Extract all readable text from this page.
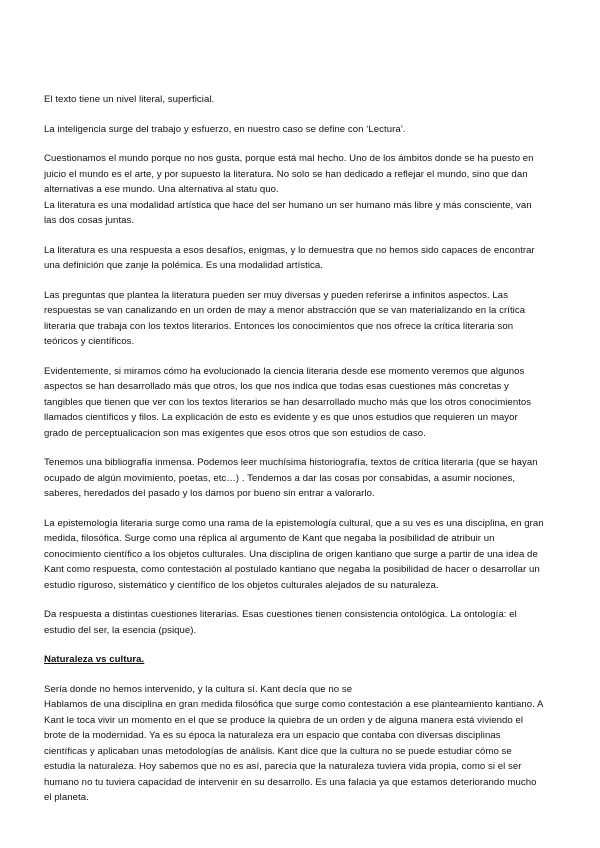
El texto tiene un nivel literal, superficial.

La inteligencia surge del trabajo y esfuerzo, en nuestro caso se define con ‘Lectura’.

Cuestionamos el mundo porque no nos gusta, porque está mal hecho. Uno de los ámbitos donde se ha puesto en juicio el mundo es el arte, y por supuesto la literatura. No solo se han dedicado a reflejar el mundo, sino que dan alternativas a ese mundo. Una alternativa al statu quo.

La literatura es una modalidad artística que hace del ser humano un ser humano más libre y más consciente, van las dos cosas juntas.

La literatura es una respuesta a esos desafíos, enigmas, y lo demuestra que no hemos sido capaces de encontrar una definición que zanje la polémica. Es una modalidad artística.

Las preguntas que plantea la literatura pueden ser muy diversas y pueden referirse a infinitos aspectos. Las respuestas se van canalizando en un orden de may a menor abstracción que se van materializando en la crítica literaria que trabaja con los textos literarios. Entonces los conocimientos que nos ofrece la crítica literaria son teóricos y científicos.

Evidentemente, si miramos cómo ha evolucionado la ciencia literaria desde ese momento veremos que algunos aspectos se han desarrollado más que otros, los que nos indica que todas esas cuestiones más concretas y tangibles que tienen que ver con los textos literarios se han desarrollado mucho más que los otros conocimientos llamados científicos y filos. La explicación de esto es evidente y es que unos estudios que requieren un mayor grado de perceptualicacion son mas exigentes que esos otros que son estudios de caso.

Tenemos una bibliografía inmensa. Podemos leer muchísima historiografía, textos de crítica literaria (que se hayan ocupado de algún movimiento, poetas, etc…) . Tendemos a dar las cosas por consabidas, a asumir nociones, saberes, heredados del pasado y los damos por bueno sin entrar a valorarlo.

La epistemología literaria surge como una rama de la epistemología cultural, que a su ves es una disciplina, en gran medida, filosófica. Surge como una réplica al argumento de Kant que negaba la posibilidad de atribuir un conocimiento científico a los objetos culturales. Una disciplina de origen kantiano que surge a partir de una idea de Kant como respuesta, como contestación al postulado kantiano que negaba la posibilidad de hacer o desarrollar un estudio riguroso, sistemático y científico de los objetos culturales alejados de su naturaleza.

Da respuesta a distintas cuestiones literarias. Esas cuestiones tienen consistencia ontológica. La ontología: el estudio del ser, la esencia (psique).

Naturaleza vs cultura.

Sería donde no hemos intervenido, y la cultura sí. Kant decía que no se

Hablamos de una disciplina en gran medida filosófica que surge como contestación a ese planteamiento kantiano. A Kant le toca vivir un momento en el que se produce la quiebra de un orden y de alguna manera está viviendo el brote de la modernidad. Ya es su época la naturaleza era un espacio que contaba con diversas disciplinas científicas y aplicaban unas metodologías de análisis. Kant dice que la cultura no se puede estudiar cómo se estudia la naturaleza. Hoy sabemos que no es así, parecía que la naturaleza tuviera vida propia, como si el ser humano no tu tuviera capacidad de intervenir en su desarrollo. Es una falacia ya que estamos deteriorando mucho el planeta.
